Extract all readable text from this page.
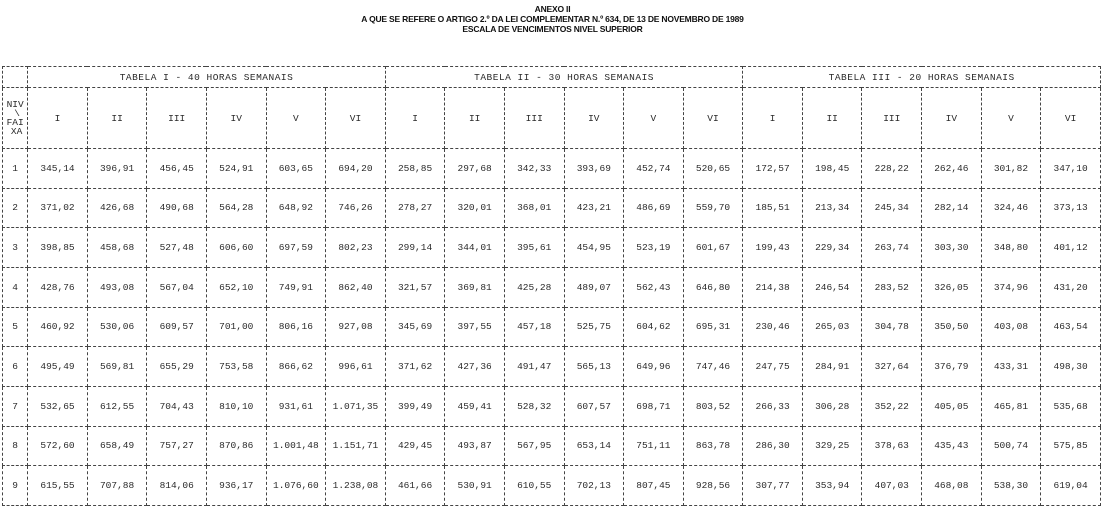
ANEXO II
A QUE SE REFERE O ARTIGO 2.º DA LEI COMPLEMENTAR N.º 634, DE 13 DE NOVEMBRO DE 1989
ESCALA DE VENCIMENTOS NIVEL SUPERIOR
	TABELA I - 40 HORAS SEMANAIS						TABELA II - 30 HORAS SEMANAIS						TABELA III - 20 HORAS SEMANAIS					

NIV
\
FAI
XA	I	II	III	IV	V	VI	I	II	III	IV	V	VI	I	II	III	IV	V	VI
1	345,14	396,91	456,45	524,91	603,65	694,20	258,85	297,68	342,33	393,69	452,74	520,65	172,57	198,45	228,22	262,46	301,82	347,10
2	371,02	426,68	490,68	564,28	648,92	746,26	278,27	320,01	368,01	423,21	486,69	559,70	185,51	213,34	245,34	282,14	324,46	373,13
3	398,85	458,68	527,48	606,60	697,59	802,23	299,14	344,01	395,61	454,95	523,19	601,67	199,43	229,34	263,74	303,30	348,80	401,12
4	428,76	493,08	567,04	652,10	749,91	862,40	321,57	369,81	425,28	489,07	562,43	646,80	214,38	246,54	283,52	326,05	374,96	431,20
5	460,92	530,06	609,57	701,00	806,16	927,08	345,69	397,55	457,18	525,75	604,62	695,31	230,46	265,03	304,78	350,50	403,08	463,54
6	495,49	569,81	655,29	753,58	866,62	996,61	371,62	427,36	491,47	565,13	649,96	747,46	247,75	284,91	327,64	376,79	433,31	498,30
7	532,65	612,55	704,43	810,10	931,61	1.071,35	399,49	459,41	528,32	607,57	698,71	803,52	266,33	306,28	352,22	405,05	465,81	535,68
8	572,60	658,49	757,27	870,86	1.001,48	1.151,71	429,45	493,87	567,95	653,14	751,11	863,78	286,30	329,25	378,63	435,43	500,74	575,85
9	615,55	707,88	814,06	936,17	1.076,60	1.238,08	461,66	530,91	610,55	702,13	807,45	928,56	307,77	353,94	407,03	468,08	538,30	619,04
